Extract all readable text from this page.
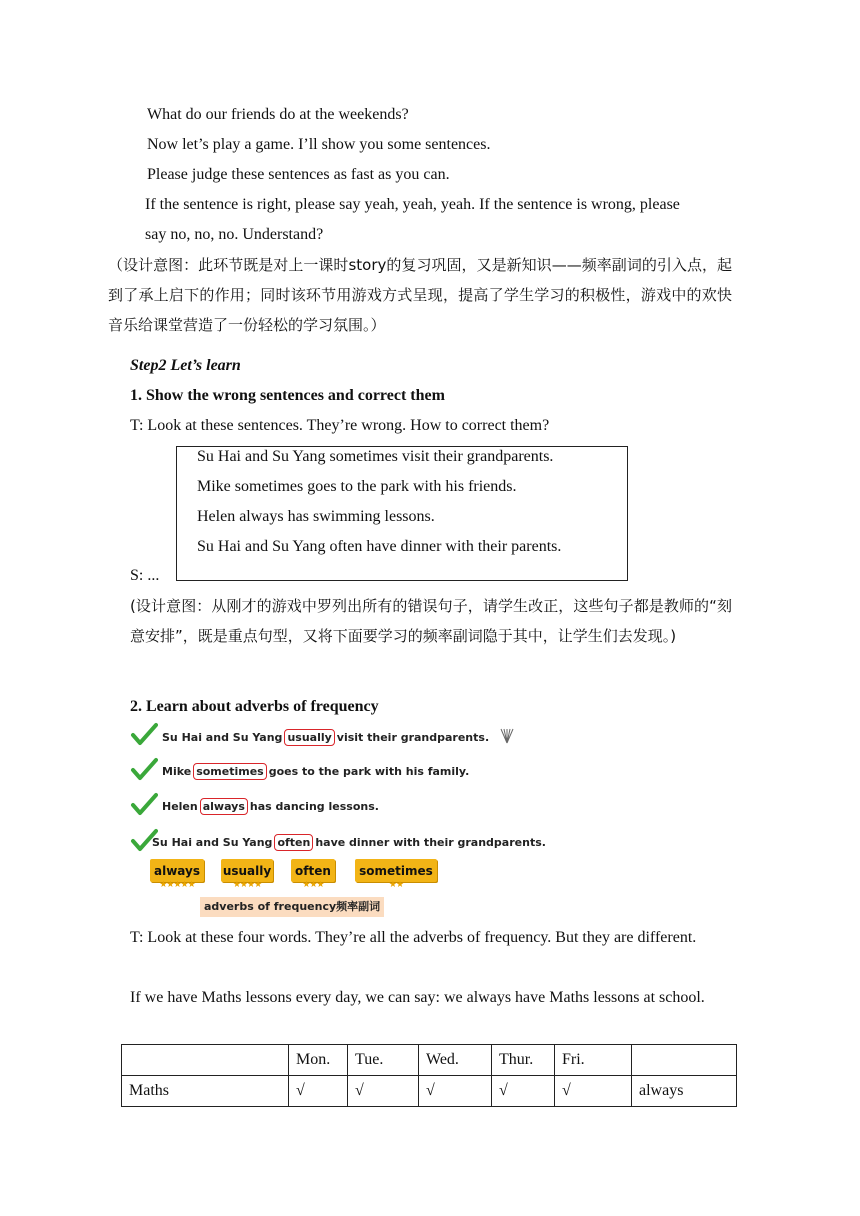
What do our friends do at the weekends?
Now let’s play a game. I’ll show you some sentences.
Please judge these sentences as fast as you can.
If the sentence is right, please say yeah, yeah, yeah. If the sentence is wrong, please
say no, no, no. Understand?
（设计意图：此环节既是对上一课时story的复习巩固，又是新知识——频率副词的引入点，起到了承上启下的作用；同时该环节用游戏方式呈现，提高了学生学习的积极性，游戏中的欢快音乐给课堂营造了一份轻松的学习氛围。）
Step2 Let’s learn
1. Show the wrong sentences and correct them
T: Look at these sentences. They’re wrong. How to correct them?
Su Hai and Su Yang sometimes visit their grandparents.
Mike sometimes goes to the park with his friends.
Helen always has swimming lessons.
Su Hai and Su Yang often have dinner with their parents.
S: ...
(设计意图：从刚才的游戏中罗列出所有的错误句子，请学生改正，这些句子都是教师的“刻意安排”，既是重点句型，又将下面要学习的频率副词隐于其中，让学生们去发现。)
2. Learn about adverbs of frequency
Su Hai and Su Yang usually visit their grandparents.
Mike sometimes goes to the park with his family.
Helen always has dancing lessons.
Su Hai and Su Yang often have dinner with their grandparents.
always
★★★★★
usually
★★★★
often
★★★
sometimes
★★
adverbs of frequency频率副词
T: Look at these four words. They’re all the adverbs of frequency. But they are different.
If we have Maths lessons every day, we can say: we always have Maths lessons at school.
	Mon.	Tue.	Wed.	Thur.	Fri.	
Maths	√	√	√	√	√	always
